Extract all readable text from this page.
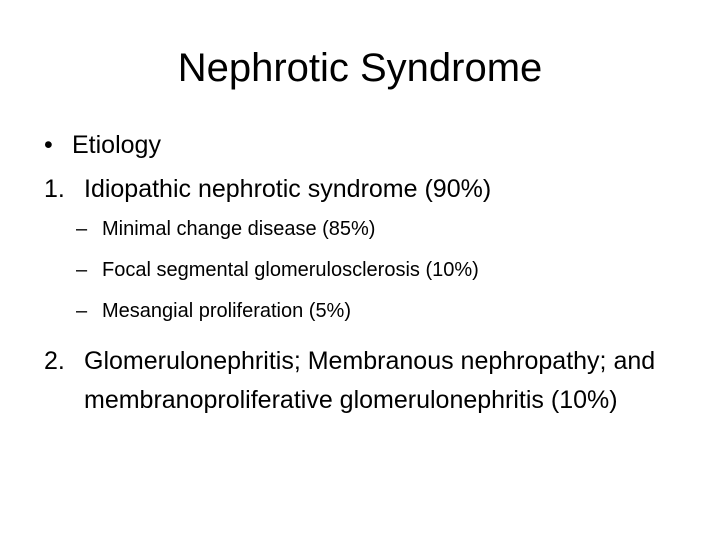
Nephrotic Syndrome
• Etiology
1. Idiopathic nephrotic syndrome (90%)
– Minimal change disease (85%)
– Focal segmental glomerulosclerosis (10%)
– Mesangial proliferation (5%)
2. Glomerulonephritis; Membranous nephropathy; and membranoproliferative glomerulonephritis (10%)
